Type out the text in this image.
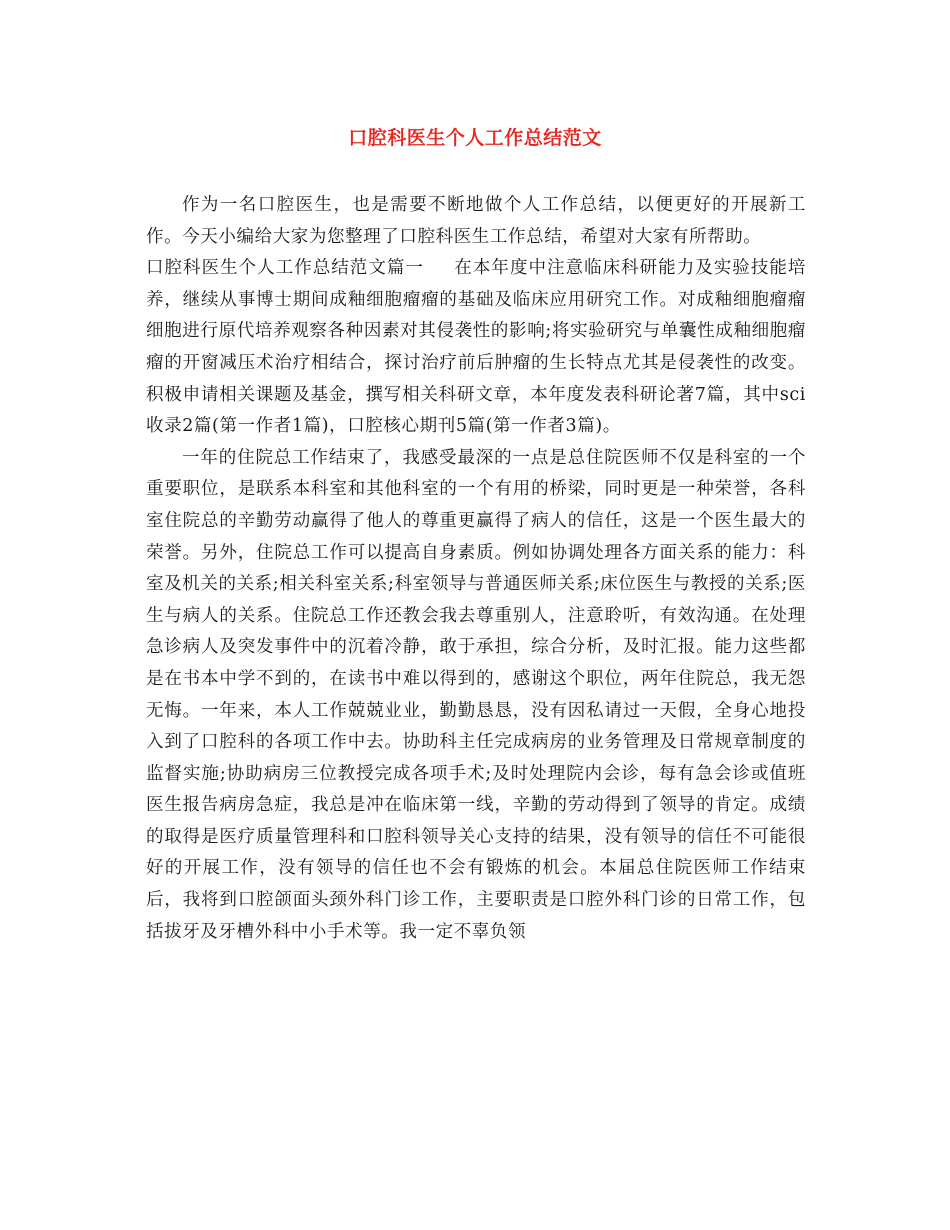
口腔科医生个人工作总结范文

作为一名口腔医生，也是需要不断地做个人工作总结，以便更好的开展新工作。今天小编给大家为您整理了口腔科医生工作总结，希望对大家有所帮助。

口腔科医生个人工作总结范文篇一 在本年度中注意临床科研能力及实验技能培养，继续从事博士期间成釉细胞瘤瘤的基础及临床应用研究工作。对成釉细胞瘤瘤细胞进行原代培养观察各种因素对其侵袭性的影响;将实验研究与单囊性成釉细胞瘤瘤的开窗减压术治疗相结合，探讨治疗前后肿瘤的生长特点尤其是侵袭性的改变。积极申请相关课题及基金，撰写相关科研文章，本年度发表科研论著7篇，其中sci收录2篇(第一作者1篇)，口腔核心期刊5篇(第一作者3篇)。

一年的住院总工作结束了，我感受最深的一点是总住院医师不仅是科室的一个重要职位，是联系本科室和其他科室的一个有用的桥梁，同时更是一种荣誉，各科室住院总的辛勤劳动赢得了他人的尊重更赢得了病人的信任，这是一个医生最大的荣誉。另外，住院总工作可以提高自身素质。例如协调处理各方面关系的能力：科室及机关的关系;相关科室关系;科室领导与普通医师关系;床位医生与教授的关系;医生与病人的关系。住院总工作还教会我去尊重别人，注意聆听，有效沟通。在处理急诊病人及突发事件中的沉着冷静，敢于承担，综合分析，及时汇报。能力这些都是在书本中学不到的，在读书中难以得到的，感谢这个职位，两年住院总，我无怨无悔。一年来，本人工作兢兢业业，勤勤恳恳，没有因私请过一天假，全身心地投入到了口腔科的各项工作中去。协助科主任完成病房的业务管理及日常规章制度的监督实施;协助病房三位教授完成各项手术;及时处理院内会诊，每有急会诊或值班医生报告病房急症，我总是冲在临床第一线，辛勤的劳动得到了领导的肯定。成绩的取得是医疗质量管理科和口腔科领导关心支持的结果，没有领导的信任不可能很好的开展工作，没有领导的信任也不会有锻炼的机会。本届总住院医师工作结束后，我将到口腔颌面头颈外科门诊工作，主要职责是口腔外科门诊的日常工作，包括拔牙及牙槽外科中小手术等。我一定不辜负领
